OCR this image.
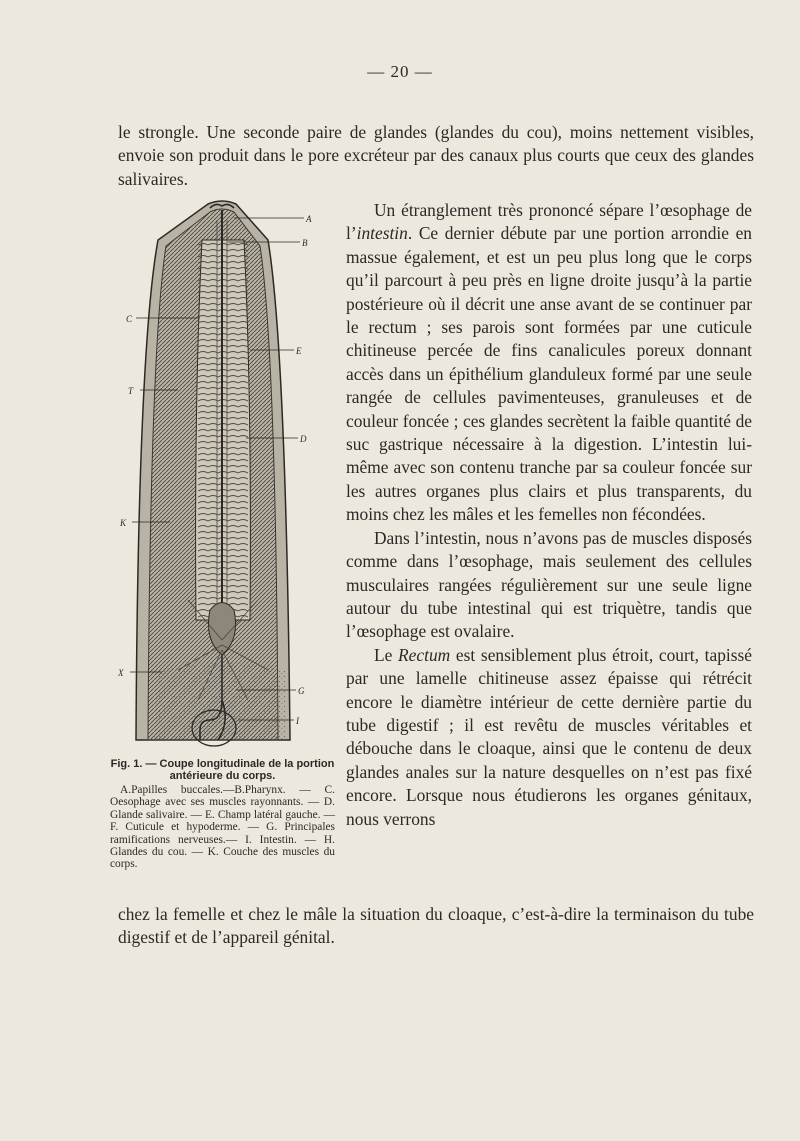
— 20 —

le strongle. Une seconde paire de glandes (glandes du cou), moins nettement visibles, envoie son produit dans le pore excréteur par des canaux plus courts que ceux des glandes salivaires.

A
B
C
E
T
D
K
X
G
I
Fig. 1. — Coupe longitudinale de la portion antérieure du corps.
A.Papilles buccales.—B.Pharynx. — C. Oesophage avec ses muscles rayonnants. — D. Glande salivaire. — E. Champ latéral gauche. — F. Cuticule et hypoderme. — G. Principales ramifications nerveuses.— I. Intestin. — H. Glandes du cou. — K. Couche des muscles du corps.

Un étranglement très prononcé sépare l’œsophage de l’intestin. Ce dernier débute par une portion arrondie en massue également, et est un peu plus long que le corps qu’il parcourt à peu près en ligne droite jusqu’à la partie postérieure où il décrit une anse avant de se continuer par le rectum ; ses parois sont formées par une cuticule chitineuse percée de fins canalicules poreux donnant accès dans un épithélium glanduleux formé par une seule rangée de cellules pavimenteuses, granuleuses et de couleur foncée ; ces glandes secrètent la faible quantité de suc gastrique nécessaire à la digestion. L’intestin lui-même avec son contenu tranche par sa couleur foncée sur les autres organes plus clairs et plus transparents, du moins chez les mâles et les femelles non fécondées.

Dans l’intestin, nous n’avons pas de muscles disposés comme dans l’œsophage, mais seulement des cellules musculaires rangées régulièrement sur une seule ligne autour du tube intestinal qui est triquètre, tandis que l’œsophage est ovalaire.

Le Rectum est sensiblement plus étroit, court, tapissé par une lamelle chitineuse assez épaisse qui rétrécit encore le diamètre intérieur de cette dernière partie du tube digestif ; il est revêtu de muscles véritables et débouche dans le cloaque, ainsi que le contenu de deux glandes anales sur la nature desquelles on n’est pas fixé encore. Lorsque nous étudierons les organes génitaux, nous verrons

chez la femelle et chez le mâle la situation du cloaque, c’est-à-dire la terminaison du tube digestif et de l’appareil génital.
